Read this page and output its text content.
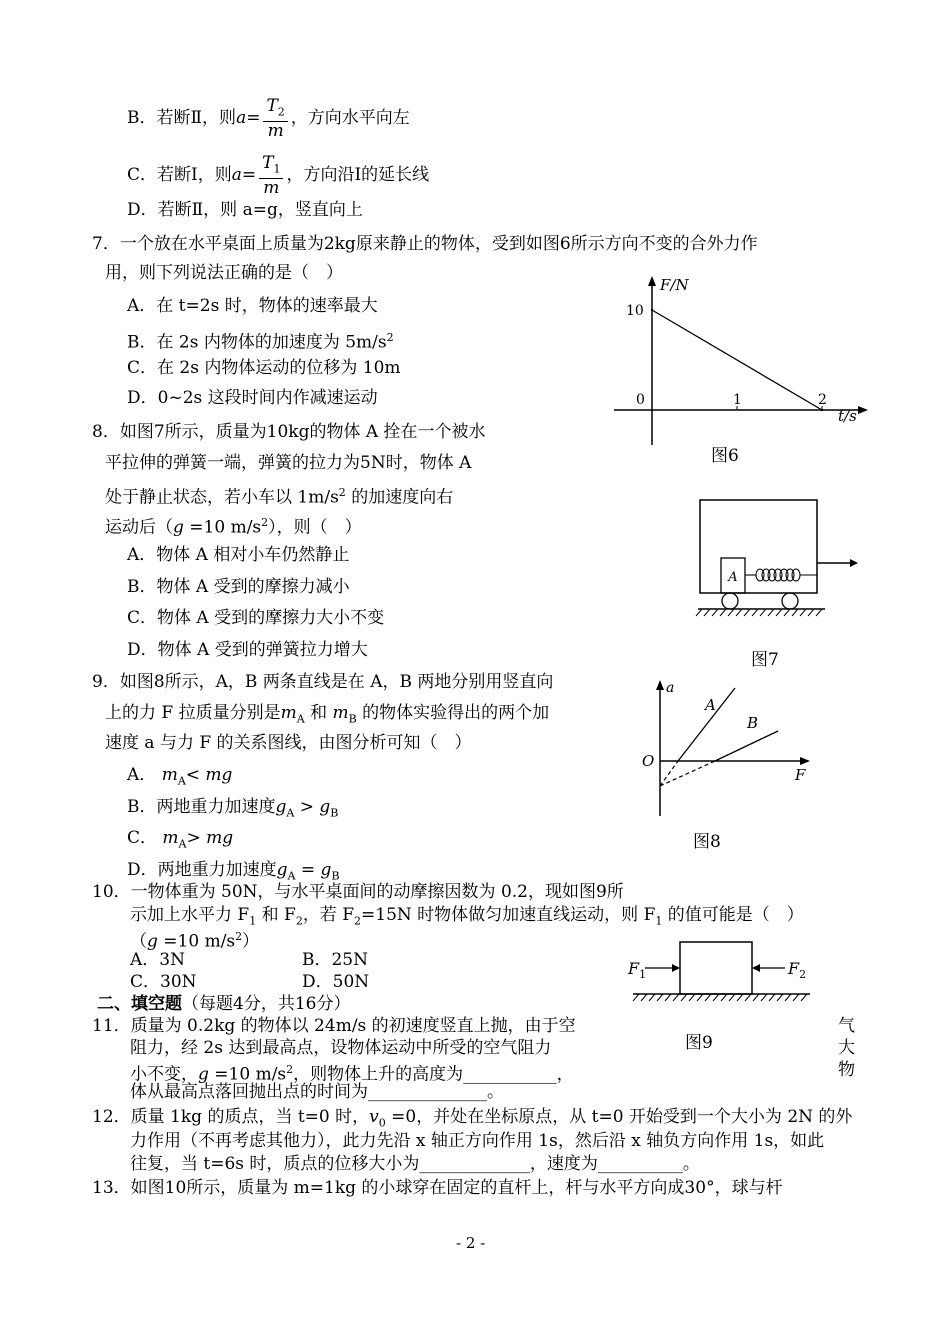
B．若断Ⅱ，则$a= \frac{T_2}{m}$ ，方向水平向左
C．若断Ⅰ，则$a= \frac{T_1}{m}$ ，方向沿Ⅰ的延长线
D．若断Ⅱ，则 a=g，竖直向上
7．一个放在水平桌面上质量为2kg原来静止的物体，受到如图6所示方向不变的合外力作
用，则下列说法正确的是（　）
A．在 t=2s 时，物体的速率最大
B．在 2s 内物体的加速度为 $5m/s^2$
C．在 2s 内物体运动的位移为 10m
D．0~2s 这段时间内作减速运动
F/N
t/s
10
0	1	2
图6
8．如图7所示，质量为10kg的物体 A 拴在一个被水
平拉伸的弹簧一端，弹簧的拉力为5N时，物体 A
处于静止状态，若小车以 $1m/s^2$ 的加速度向右
运动后（g =10 $m/s^2$），则（　）
A．物体 A 相对小车仍然静止
B．物体 A 受到的摩擦力减小
C．物体 A 受到的摩擦力大小不变
D．物体 A 受到的弹簧拉力增大
A
图7
9．如图8所示，A，B 两条直线是在 A，B 两地分别用竖直向
上的力 F 拉质量分别是$m_A$ 和 $m_B$ 的物体实验得出的两个加
速度 a 与力 F 的关系图线，由图分析可知（　）
A． $m_A<$ mg
B．两地重力加速度$g_A > g_B$
C． $m_A>$ mg
D．两地重力加速度$g_A = g_B$
a
F
O
A
B
图8
10．一物体重为 50N，与水平桌面间的动摩擦因数为 0.2，现如图9所
示加上水平力 $F_1$ 和 $F_2$，若 $F_2=15N$ 时物体做匀加速直线运动，则 $F_1$ 的值可能是（　）
（g =10 $m/s^2$）
A．3N	B．25N
C．30N	D．50N
$F_1$	$F_2$
图9
二、填空题（每题4分，共16分）
11．质量为 0.2kg 的物体以 24m/s 的初速度竖直上抛，由于空
阻力，经 2s 达到最高点，设物体运动中所受的空气阻力
小不变，g =10 $m/s^2$，则物体上升的高度为___________，
体从最高点落回抛出点的时间为______________。
气
大
物
12．质量 1kg 的质点，当 t=0 时，$v_0 =0$，并处在坐标原点，从 t=0 开始受到一个大小为 2N 的外
力作用（不再考虑其他力），此力先沿 x 轴正方向作用 1s，然后沿 x 轴负方向作用 1s，如此
往复，当 t=6s 时，质点的位移大小为_____________，速度为__________。
13．如图10所示，质量为 m=1kg 的小球穿在固定的直杆上，杆与水平方向成30°，球与杆
- 2 -
